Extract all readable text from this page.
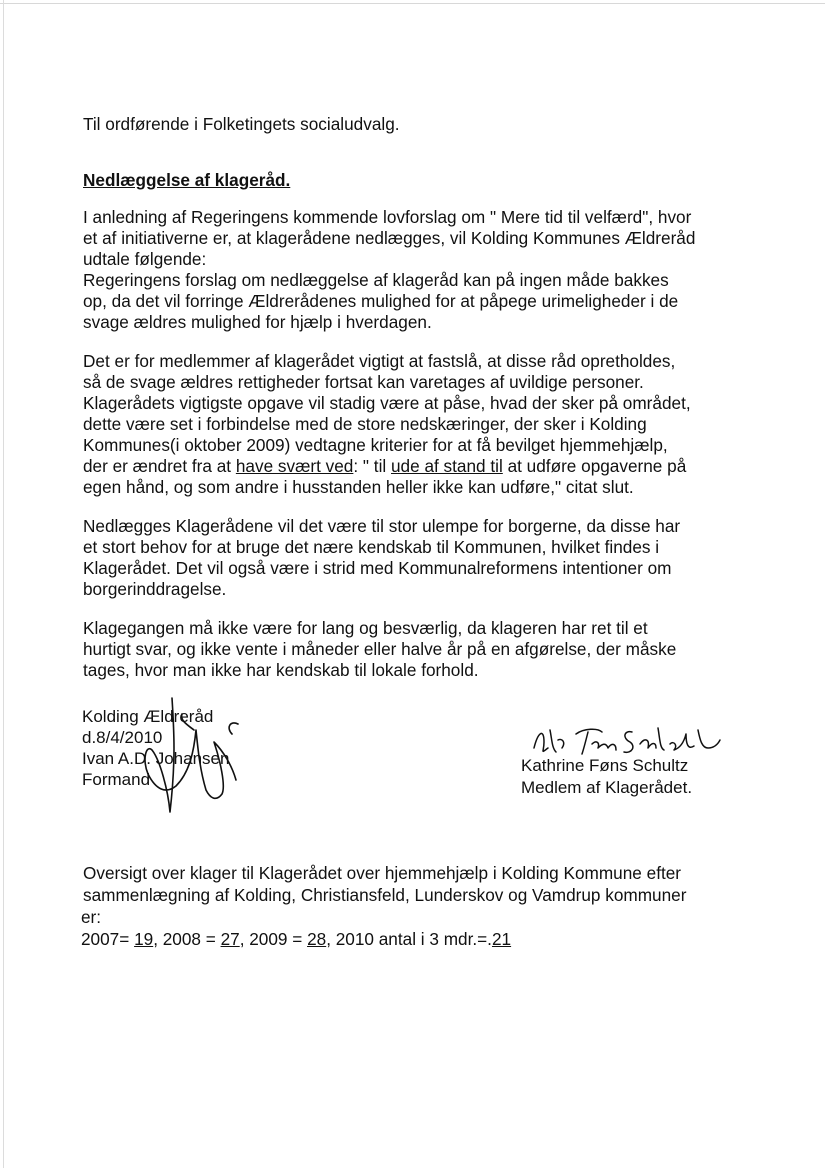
Til ordførende i Folketingets socialudvalg.
Nedlæggelse af klageråd.
I anledning af Regeringens kommende lovforslag om " Mere tid til velfærd", hvor
et af initiativerne er, at klagerådene nedlægges, vil Kolding Kommunes Ældreråd
udtale følgende:
Regeringens forslag om nedlæggelse af klageråd kan på ingen måde bakkes
op, da det vil forringe Ældrerådenes mulighed for at påpege urimeligheder i de
svage ældres mulighed for hjælp i hverdagen.
Det er for medlemmer af klagerådet vigtigt at fastslå, at disse råd opretholdes,
så de svage ældres rettigheder fortsat kan varetages af uvildige personer.
Klagerådets vigtigste opgave vil stadig være at påse, hvad der sker på området,
dette være set i forbindelse med de store nedskæringer, der sker i Kolding
Kommunes(i oktober 2009) vedtagne kriterier for at få bevilget hjemmehjælp,
der er ændret fra at have svært ved: " til ude af stand til at udføre opgaverne på
egen hånd, og som andre i husstanden heller ikke kan udføre," citat slut.
Nedlægges Klagerådene vil det være til stor ulempe for borgerne, da disse har
et stort behov for at bruge det nære kendskab til Kommunen, hvilket findes i
Klagerådet. Det vil også være i strid med Kommunalreformens intentioner om
borgerinddragelse.
Klagegangen må ikke være for lang og besværlig, da klageren har ret til et
hurtigt svar, og ikke vente i måneder eller halve år på en afgørelse, der måske
tages, hvor man ikke har kendskab til lokale forhold.
Kolding Ældreråd
d.8/4/2010
Ivan A.D. Johansen
Formand
Kathrine Føns Schultz
Medlem af Klagerådet.
Oversigt over klager til Klagerådet over hjemmehjælp i Kolding Kommune efter
sammenlægning af Kolding, Christiansfeld, Lunderskov og Vamdrup kommuner
er:
2007= 19, 2008 = 27, 2009 = 28, 2010 antal i 3 mdr.=.21
